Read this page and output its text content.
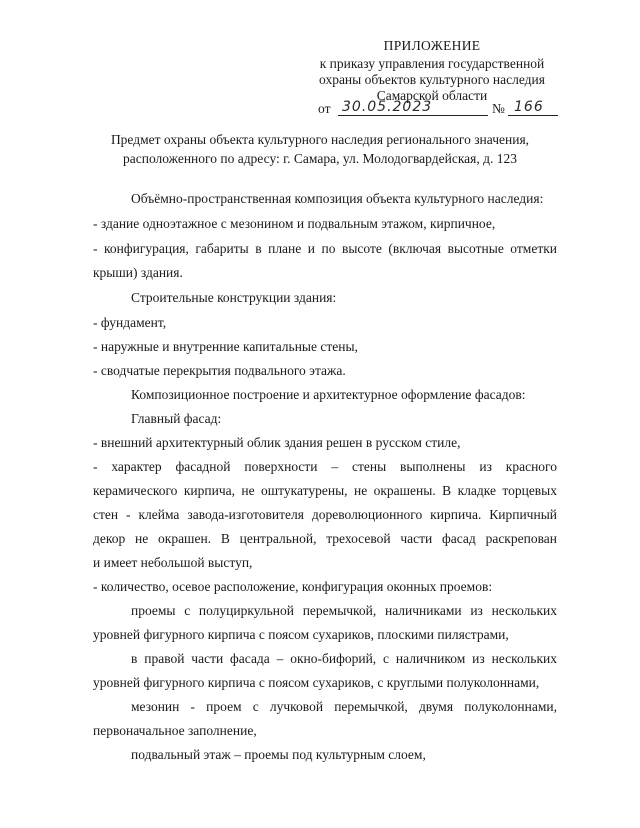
ПРИЛОЖЕНИЕ
к приказу управления государственной
охраны объектов культурного наследия
Самарской области
от 30.05.2023	№ 166
Предмет охраны объекта культурного наследия регионального значения,
расположенного по адресу: г. Самара, ул. Молодогвардейская, д. 123
Объёмно-пространственная композиция объекта культурного наследия:
- здание одноэтажное с мезонином и подвальным этажом, кирпичное,
- конфигурация, габариты в плане и по высоте (включая высотные отметки
крыши) здания.
Строительные конструкции здания:
- фундамент,
- наружные и внутренние капитальные стены,
- сводчатые перекрытия подвального этажа.
Композиционное построение и архитектурное оформление фасадов:
Главный фасад:
- внешний архитектурный облик здания решен в русском стиле,
- характер фасадной поверхности – стены выполнены из красного
керамического кирпича, не оштукатурены, не окрашены. В кладке торцевых
стен - клейма завода-изготовителя дореволюционного кирпича. Кирпичный
декор не окрашен. В центральной, трехосевой части фасад раскрепован
и имеет небольшой выступ,
- количество, осевое расположение, конфигурация оконных проемов:
проемы с полуциркульной перемычкой, наличниками из нескольких
уровней фигурного кирпича с поясом сухариков, плоскими пилястрами,
в правой части фасада – окно-бифорий, с наличником из нескольких
уровней фигурного кирпича с поясом сухариков, с круглыми полуколоннами,
мезонин - проем с лучковой перемычкой, двумя полуколоннами,
первоначальное заполнение,
подвальный этаж – проемы под культурным слоем,
